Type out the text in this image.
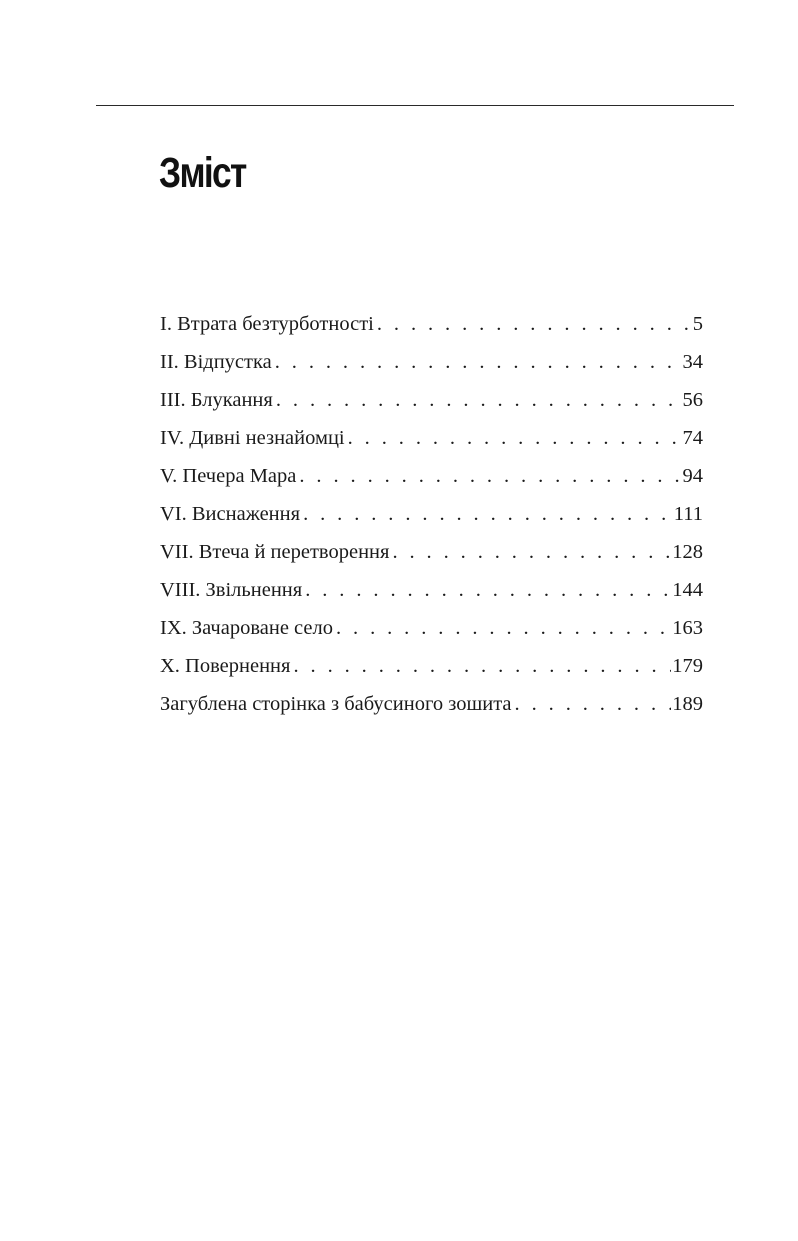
Зміст
I. Втрата безтурботності . . .	5
II. Відпустка . . .	34
III. Блукання . . .	56
IV. Дивні незнайомці . . .	74
V. Печера Мара . . .	94
VI. Виснаження . . .	111
VII. Втеча й перетворення . . .	128
VIII. Звільнення . . .	144
IX. Зачароване село . . .	163
X. Повернення . . .	179
Загублена сторінка з бабусиного зошита . . .	189
